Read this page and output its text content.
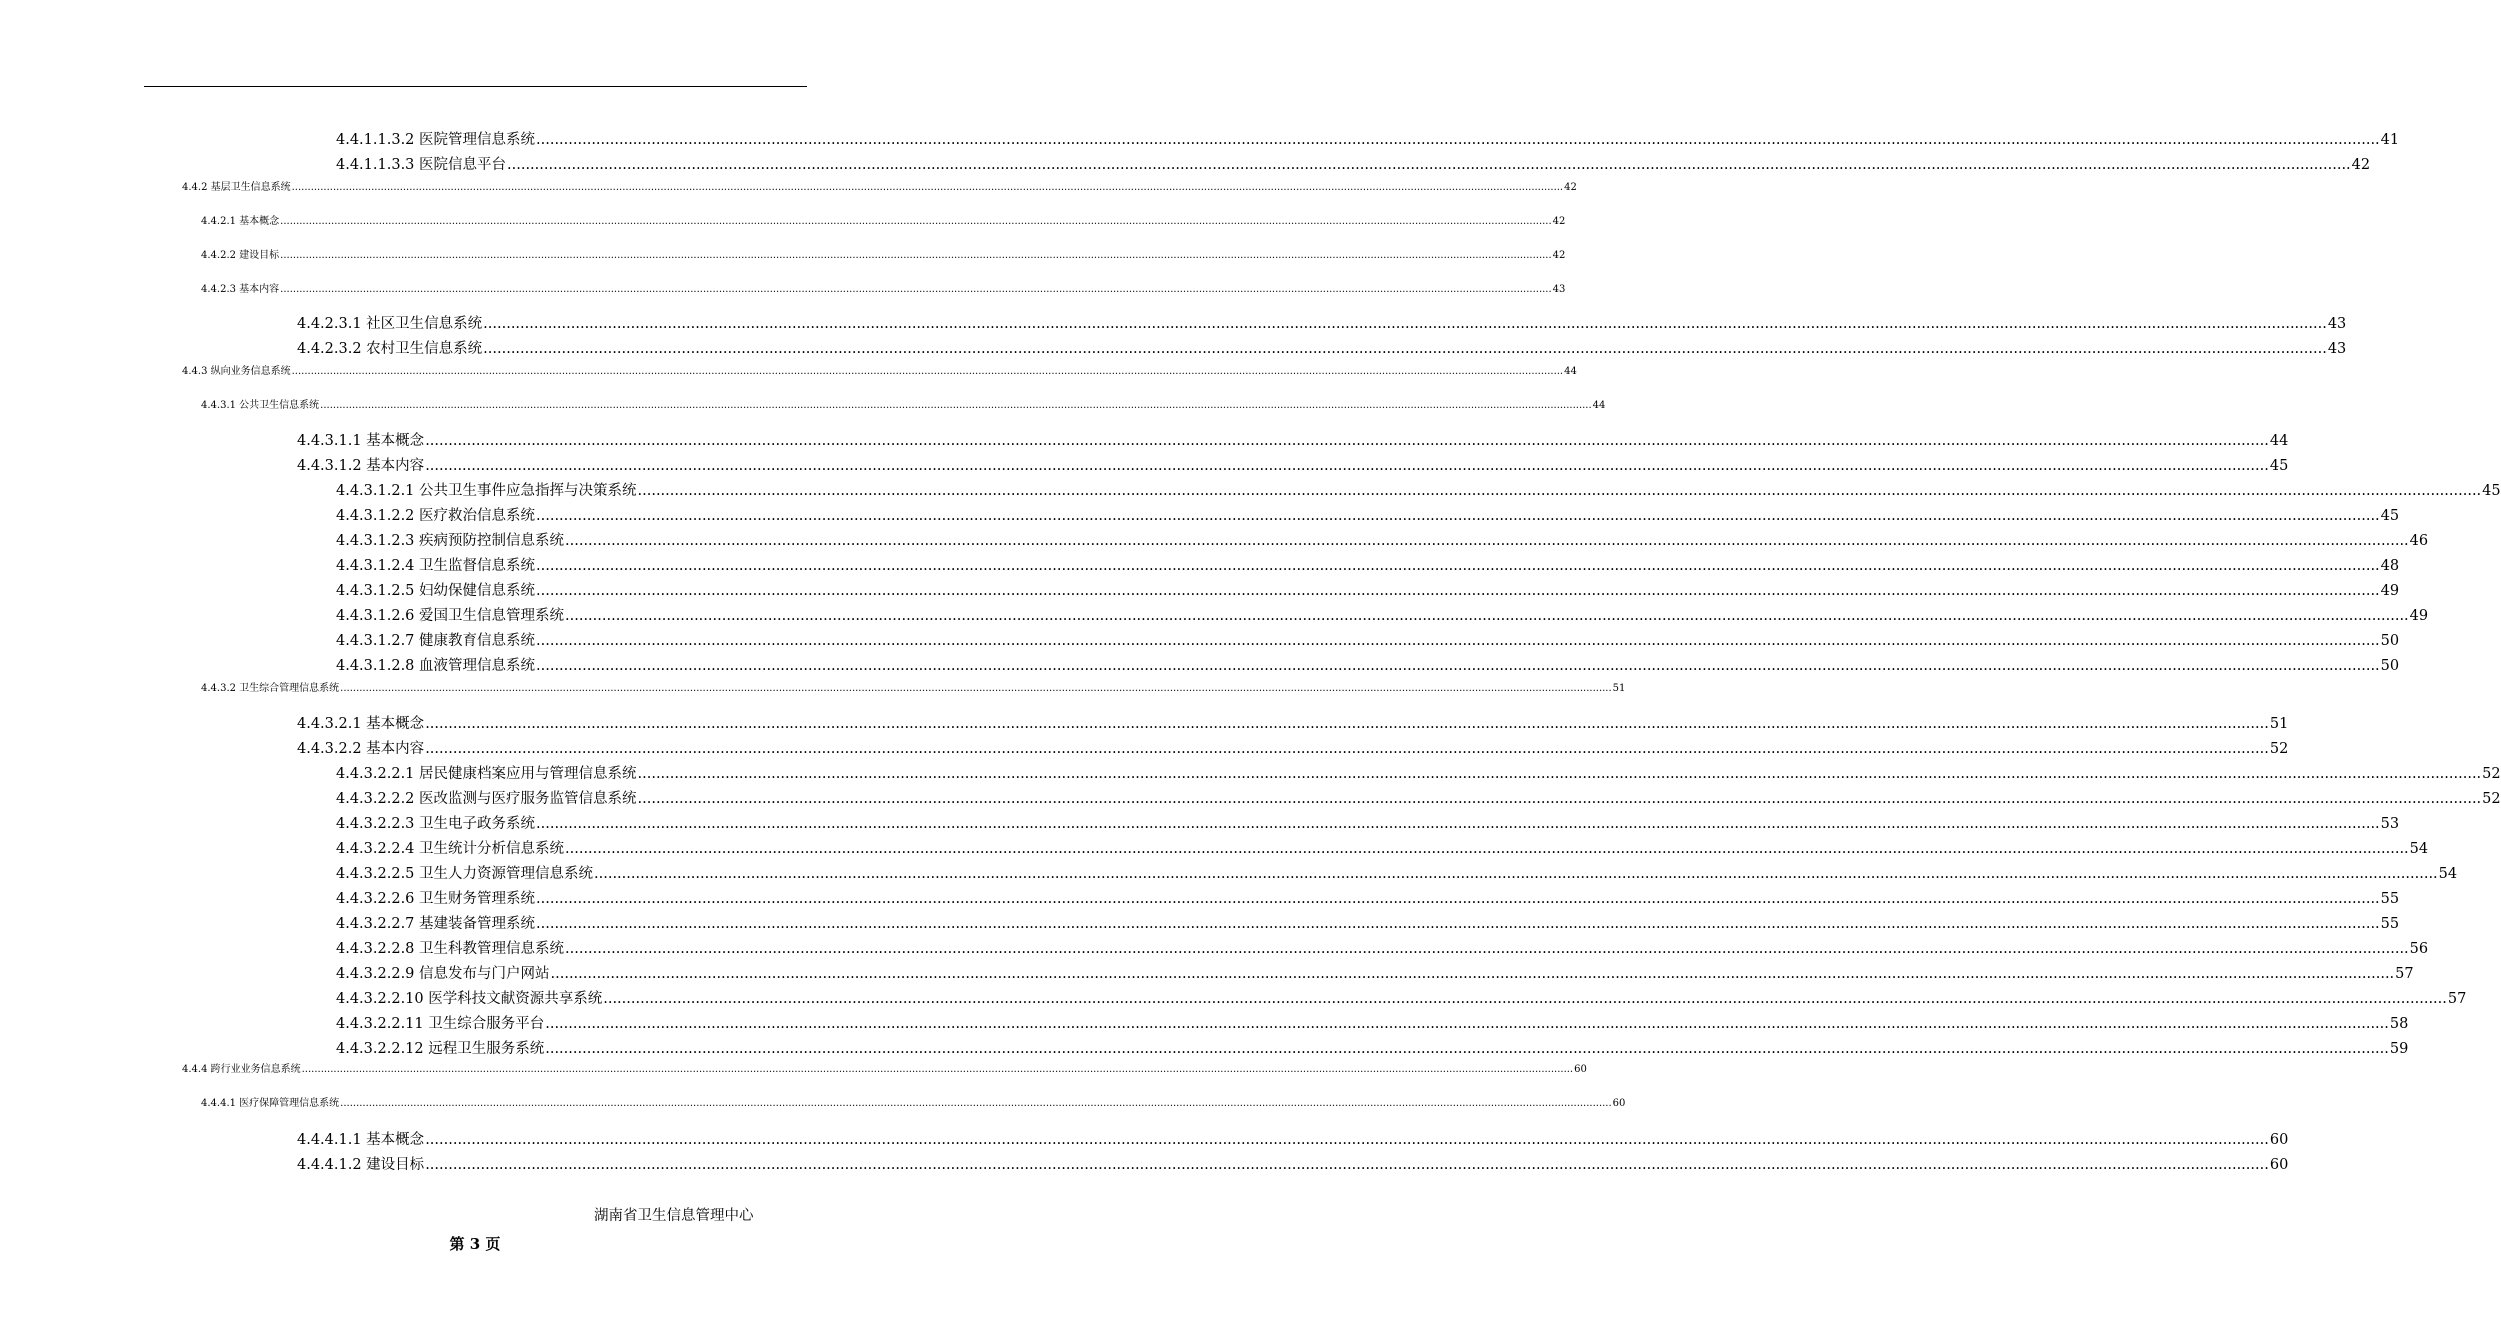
4.4.1.1.3.2 医院管理信息系统 ................................................................................................................................................................................................................................................................................................................................................................................................................ 41
4.4.1.1.3.3 医院信息平台 ................................................................................................................................................................................................................................................................................................................................................................................................................ 42
4.4.2 基层卫生信息系统 ................................................................................................................................................................................................................................................................................................................................................................................................................ 42
4.4.2.1 基本概念 ................................................................................................................................................................................................................................................................................................................................................................................................................ 42
4.4.2.2 建设目标 ................................................................................................................................................................................................................................................................................................................................................................................................................ 42
4.4.2.3 基本内容 ................................................................................................................................................................................................................................................................................................................................................................................................................ 43
4.4.2.3.1 社区卫生信息系统 ................................................................................................................................................................................................................................................................................................................................................................................................................ 43
4.4.2.3.2 农村卫生信息系统 ................................................................................................................................................................................................................................................................................................................................................................................................................ 43
4.4.3 纵向业务信息系统 ................................................................................................................................................................................................................................................................................................................................................................................................................ 44
4.4.3.1 公共卫生信息系统 ................................................................................................................................................................................................................................................................................................................................................................................................................ 44
4.4.3.1.1 基本概念 ................................................................................................................................................................................................................................................................................................................................................................................................................ 44
4.4.3.1.2 基本内容 ................................................................................................................................................................................................................................................................................................................................................................................................................ 45
4.4.3.1.2.1 公共卫生事件应急指挥与决策系统 ................................................................................................................................................................................................................................................................................................................................................................................................................ 45
4.4.3.1.2.2 医疗救治信息系统 ................................................................................................................................................................................................................................................................................................................................................................................................................ 45
4.4.3.1.2.3 疾病预防控制信息系统 ................................................................................................................................................................................................................................................................................................................................................................................................................ 46
4.4.3.1.2.4 卫生监督信息系统 ................................................................................................................................................................................................................................................................................................................................................................................................................ 48
4.4.3.1.2.5 妇幼保健信息系统 ................................................................................................................................................................................................................................................................................................................................................................................................................ 49
4.4.3.1.2.6 爱国卫生信息管理系统 ................................................................................................................................................................................................................................................................................................................................................................................................................ 49
4.4.3.1.2.7 健康教育信息系统 ................................................................................................................................................................................................................................................................................................................................................................................................................ 50
4.4.3.1.2.8 血液管理信息系统 ................................................................................................................................................................................................................................................................................................................................................................................................................ 50
4.4.3.2 卫生综合管理信息系统 ................................................................................................................................................................................................................................................................................................................................................................................................................ 51
4.4.3.2.1 基本概念 ................................................................................................................................................................................................................................................................................................................................................................................................................ 51
4.4.3.2.2 基本内容 ................................................................................................................................................................................................................................................................................................................................................................................................................ 52
4.4.3.2.2.1 居民健康档案应用与管理信息系统 ................................................................................................................................................................................................................................................................................................................................................................................................................ 52
4.4.3.2.2.2 医改监测与医疗服务监管信息系统 ................................................................................................................................................................................................................................................................................................................................................................................................................ 52
4.4.3.2.2.3 卫生电子政务系统 ................................................................................................................................................................................................................................................................................................................................................................................................................ 53
4.4.3.2.2.4 卫生统计分析信息系统 ................................................................................................................................................................................................................................................................................................................................................................................................................ 54
4.4.3.2.2.5 卫生人力资源管理信息系统 ................................................................................................................................................................................................................................................................................................................................................................................................................ 54
4.4.3.2.2.6 卫生财务管理系统 ................................................................................................................................................................................................................................................................................................................................................................................................................ 55
4.4.3.2.2.7 基建装备管理系统 ................................................................................................................................................................................................................................................................................................................................................................................................................ 55
4.4.3.2.2.8 卫生科教管理信息系统 ................................................................................................................................................................................................................................................................................................................................................................................................................ 56
4.4.3.2.2.9 信息发布与门户网站 ................................................................................................................................................................................................................................................................................................................................................................................................................ 57
4.4.3.2.2.10 医学科技文献资源共享系统 ................................................................................................................................................................................................................................................................................................................................................................................................................ 57
4.4.3.2.2.11 卫生综合服务平台 ................................................................................................................................................................................................................................................................................................................................................................................................................ 58
4.4.3.2.2.12 远程卫生服务系统 ................................................................................................................................................................................................................................................................................................................................................................................................................ 59
4.4.4 跨行业业务信息系统 ................................................................................................................................................................................................................................................................................................................................................................................................................ 60
4.4.4.1 医疗保障管理信息系统 ................................................................................................................................................................................................................................................................................................................................................................................................................ 60
4.4.4.1.1 基本概念 ................................................................................................................................................................................................................................................................................................................................................................................................................ 60
4.4.4.1.2 建设目标 ................................................................................................................................................................................................................................................................................................................................................................................................................ 60
湖南省卫生信息管理中心
第 3 页
